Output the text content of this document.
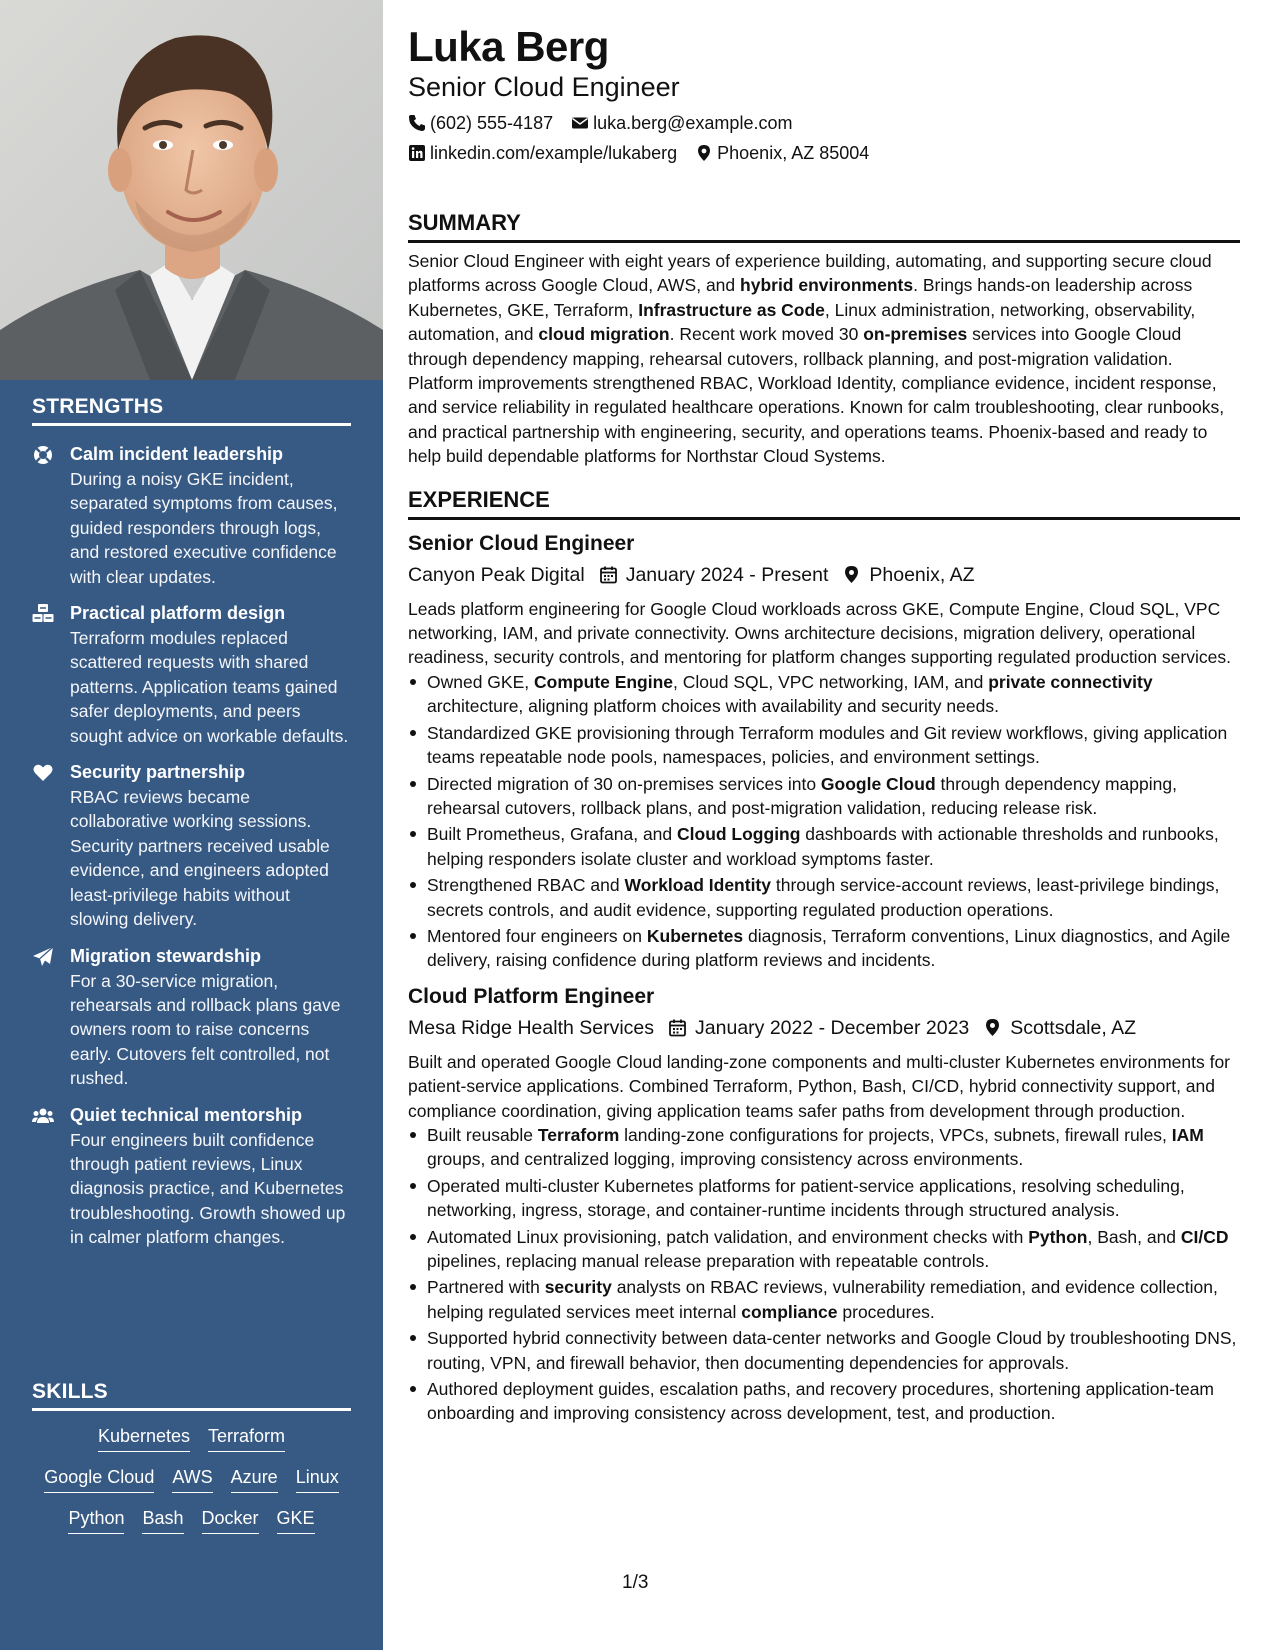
STRENGTHS
Calm incident leadership
During a noisy GKE incident, separated symptoms from causes, guided responders through logs, and restored executive confidence with clear updates.
Practical platform design
Terraform modules replaced scattered requests with shared patterns. Application teams gained safer deployments, and peers sought advice on workable defaults.
Security partnership
RBAC reviews became collaborative working sessions. Security partners received usable evidence, and engineers adopted least-privilege habits without slowing delivery.
Migration stewardship
For a 30-service migration, rehearsals and rollback plans gave owners room to raise concerns early. Cutovers felt controlled, not rushed.
Quiet technical mentorship
Four engineers built confidence through patient reviews, Linux diagnosis practice, and Kubernetes troubleshooting. Growth showed up in calmer platform changes.
SKILLS
Kubernetes Terraform
Google Cloud AWS Azure Linux
Python Bash Docker GKE
Luka Berg
Senior Cloud Engineer
(602) 555-4187 luka.berg@example.com
linkedin.com/example/lukaberg Phoenix, AZ 85004
SUMMARY

Senior Cloud Engineer with eight years of experience building, automating, and supporting secure cloud platforms across Google Cloud, AWS, and hybrid environments. Brings hands-on leadership across Kubernetes, GKE, Terraform, Infrastructure as Code, Linux administration, networking, observability, automation, and cloud migration. Recent work moved 30 on-premises services into Google Cloud through dependency mapping, rehearsal cutovers, rollback planning, and post-migration validation. Platform improvements strengthened RBAC, Workload Identity, compliance evidence, incident response, and service reliability in regulated healthcare operations. Known for calm troubleshooting, clear runbooks, and practical partnership with engineering, security, and operations teams. Phoenix-based and ready to help build dependable platforms for Northstar Cloud Systems.

EXPERIENCE
Senior Cloud Engineer
Canyon Peak Digital January 2024 - Present Phoenix, AZ

Leads platform engineering for Google Cloud workloads across GKE, Compute Engine, Cloud SQL, VPC networking, IAM, and private connectivity. Owns architecture decisions, migration delivery, operational readiness, security controls, and mentoring for platform changes supporting regulated production services.

Owned GKE, Compute Engine, Cloud SQL, VPC networking, IAM, and private connectivity architecture, aligning platform choices with availability and security needs.
Standardized GKE provisioning through Terraform modules and Git review workflows, giving application teams repeatable node pools, namespaces, policies, and environment settings.
Directed migration of 30 on-premises services into Google Cloud through dependency mapping, rehearsal cutovers, rollback plans, and post-migration validation, reducing release risk.
Built Prometheus, Grafana, and Cloud Logging dashboards with actionable thresholds and runbooks, helping responders isolate cluster and workload symptoms faster.
Strengthened RBAC and Workload Identity through service-account reviews, least-privilege bindings, secrets controls, and audit evidence, supporting regulated production operations.
Mentored four engineers on Kubernetes diagnosis, Terraform conventions, Linux diagnostics, and Agile delivery, raising confidence during platform reviews and incidents.
Cloud Platform Engineer
Mesa Ridge Health Services January 2022 - December 2023 Scottsdale, AZ

Built and operated Google Cloud landing-zone components and multi-cluster Kubernetes environments for patient-service applications. Combined Terraform, Python, Bash, CI/CD, hybrid connectivity support, and compliance coordination, giving application teams safer paths from development through production.

Built reusable Terraform landing-zone configurations for projects, VPCs, subnets, firewall rules, IAM groups, and centralized logging, improving consistency across environments.
Operated multi-cluster Kubernetes platforms for patient-service applications, resolving scheduling, networking, ingress, storage, and container-runtime incidents through structured analysis.
Automated Linux provisioning, patch validation, and environment checks with Python, Bash, and CI/CD pipelines, replacing manual release preparation with repeatable controls.
Partnered with security analysts on RBAC reviews, vulnerability remediation, and evidence collection, helping regulated services meet internal compliance procedures.
Supported hybrid connectivity between data-center networks and Google Cloud by troubleshooting DNS, routing, VPN, and firewall behavior, then documenting dependencies for approvals.
Authored deployment guides, escalation paths, and recovery procedures, shortening application-team onboarding and improving consistency across development, test, and production.
1/3
